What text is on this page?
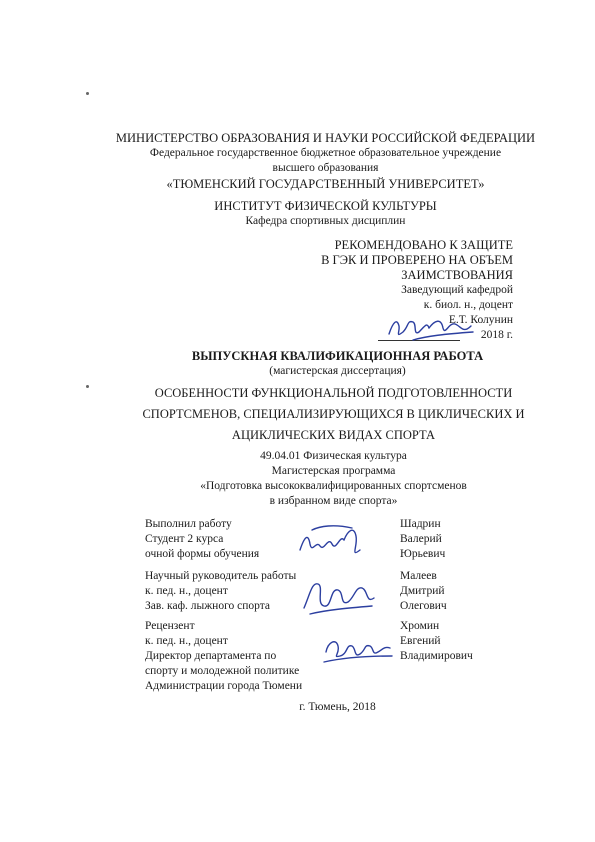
МИНИСТЕРСТВО ОБРАЗОВАНИЯ И НАУКИ РОССИЙСКОЙ ФЕДЕРАЦИИ
Федеральное государственное бюджетное образовательное учреждение
высшего образования
«ТЮМЕНСКИЙ ГОСУДАРСТВЕННЫЙ УНИВЕРСИТЕТ»
ИНСТИТУТ ФИЗИЧЕСКОЙ КУЛЬТУРЫ
Кафедра спортивных дисциплин
РЕКОМЕНДОВАНО К ЗАЩИТЕ
В ГЭК И ПРОВЕРЕНО НА ОБЪЕМ
ЗАИМСТВОВАНИЯ
Заведующий кафедрой
к. биол. н., доцент
Е.Т. Колунин
2018 г.
ВЫПУСКНАЯ КВАЛИФИКАЦИОННАЯ РАБОТА
(магистерская диссертация)
ОСОБЕННОСТИ ФУНКЦИОНАЛЬНОЙ ПОДГОТОВЛЕННОСТИ
СПОРТСМЕНОВ, СПЕЦИАЛИЗИРУЮЩИХСЯ В ЦИКЛИЧЕСКИХ И
АЦИКЛИЧЕСКИХ ВИДАХ СПОРТА
49.04.01 Физическая культура
Магистерская программа
«Подготовка высококвалифицированных спортсменов
в избранном виде спорта»
Выполнил работу
Студент 2 курса
очной формы обучения
Шадрин
Валерий
Юрьевич
Научный руководитель работы
к. пед. н., доцент
Зав. каф. лыжного спорта
Малеев
Дмитрий
Олегович
Рецензент
к. пед. н., доцент
Директор департамента по
спорту и молодежной политике
Администрации города Тюмени
Хромин
Евгений
Владимирович
г. Тюмень, 2018
